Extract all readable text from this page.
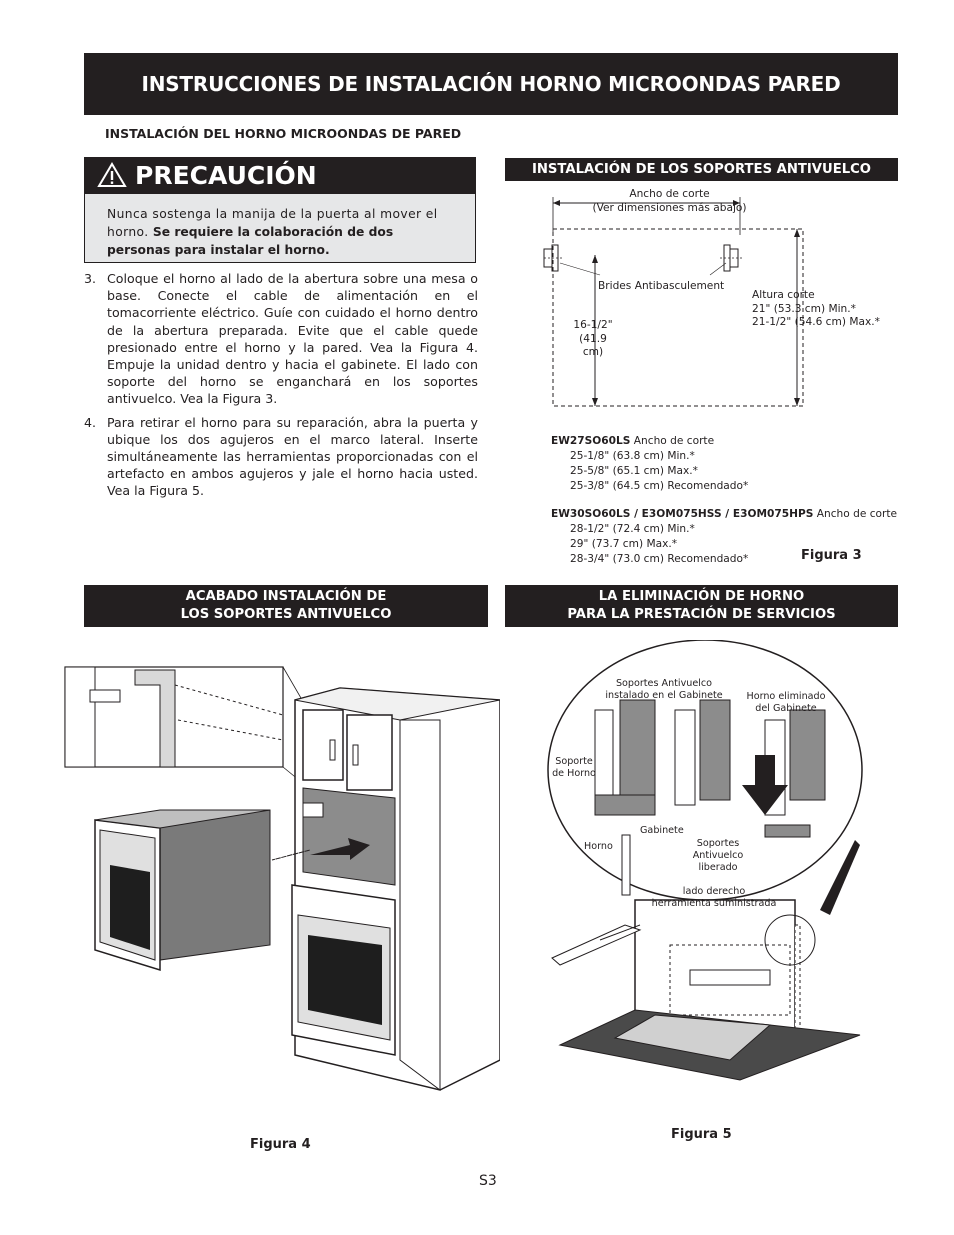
INSTRUCCIONES DE INSTALACIÓN HORNO MICROONDAS PARED
INSTALACIÓN DEL HORNO MICROONDAS DE PARED
PRECAUCIÓN
Nunca sostenga la manija de la puerta al mover el horno. Se requiere la colaboración de dos personas para instalar el horno.
3. Coloque el horno al lado de la abertura sobre una mesa o base. Conecte el cable de alimentación en el tomacorriente eléctrico. Guíe con cuidado el horno dentro de la abertura preparada. Evite que el cable quede presionado entre el horno y la pared. Vea la Figura 4. Empuje la unidad dentro y hacia el gabinete. El lado con soporte del horno se enganchará en los soportes antivuelco. Vea la Figura 3.
4. Para retirar el horno para su reparación, abra la puerta y ubique los dos agujeros en el marco lateral. Inserte simultáneamente las herramientas proporcionadas con el artefacto en ambos agujeros y jale el horno hacia usted. Vea la Figura 5.
INSTALACIÓN DE LOS SOPORTES ANTIVUELCO
Ancho de corte
(Ver dimensiones más abajo)
Brides Antibasculement
Altura corte
21" (53.3 cm) Min.*
21-1/2" (54.6 cm) Max.*
16-1/2"
(41.9 cm)
EW27SO60LS Ancho de corte
25-1/8" (63.8 cm) Min.*
25-5/8" (65.1 cm) Max.*
25-3/8" (64.5 cm) Recomendado*
EW30SO60LS / E3OM075HSS / E3OM075HPS Ancho de corte
28-1/2" (72.4 cm) Min.*
29" (73.7 cm) Max.*
28-3/4" (73.0 cm) Recomendado*	Figura 3
ACABADO INSTALACIÓN DE
LOS SOPORTES ANTIVUELCO
LA ELIMINACIÓN DE HORNO
PARA LA PRESTACIÓN DE SERVICIOS
Figura 4
Soportes Antivuelco
instalado en el Gabinete	Horno eliminado
del Gabinete
Soporte
de Horno
Gabinete
Horno	Soportes
Antivuelco
liberado
lado derecho
herramienta suministrada
Figura 5
S3
